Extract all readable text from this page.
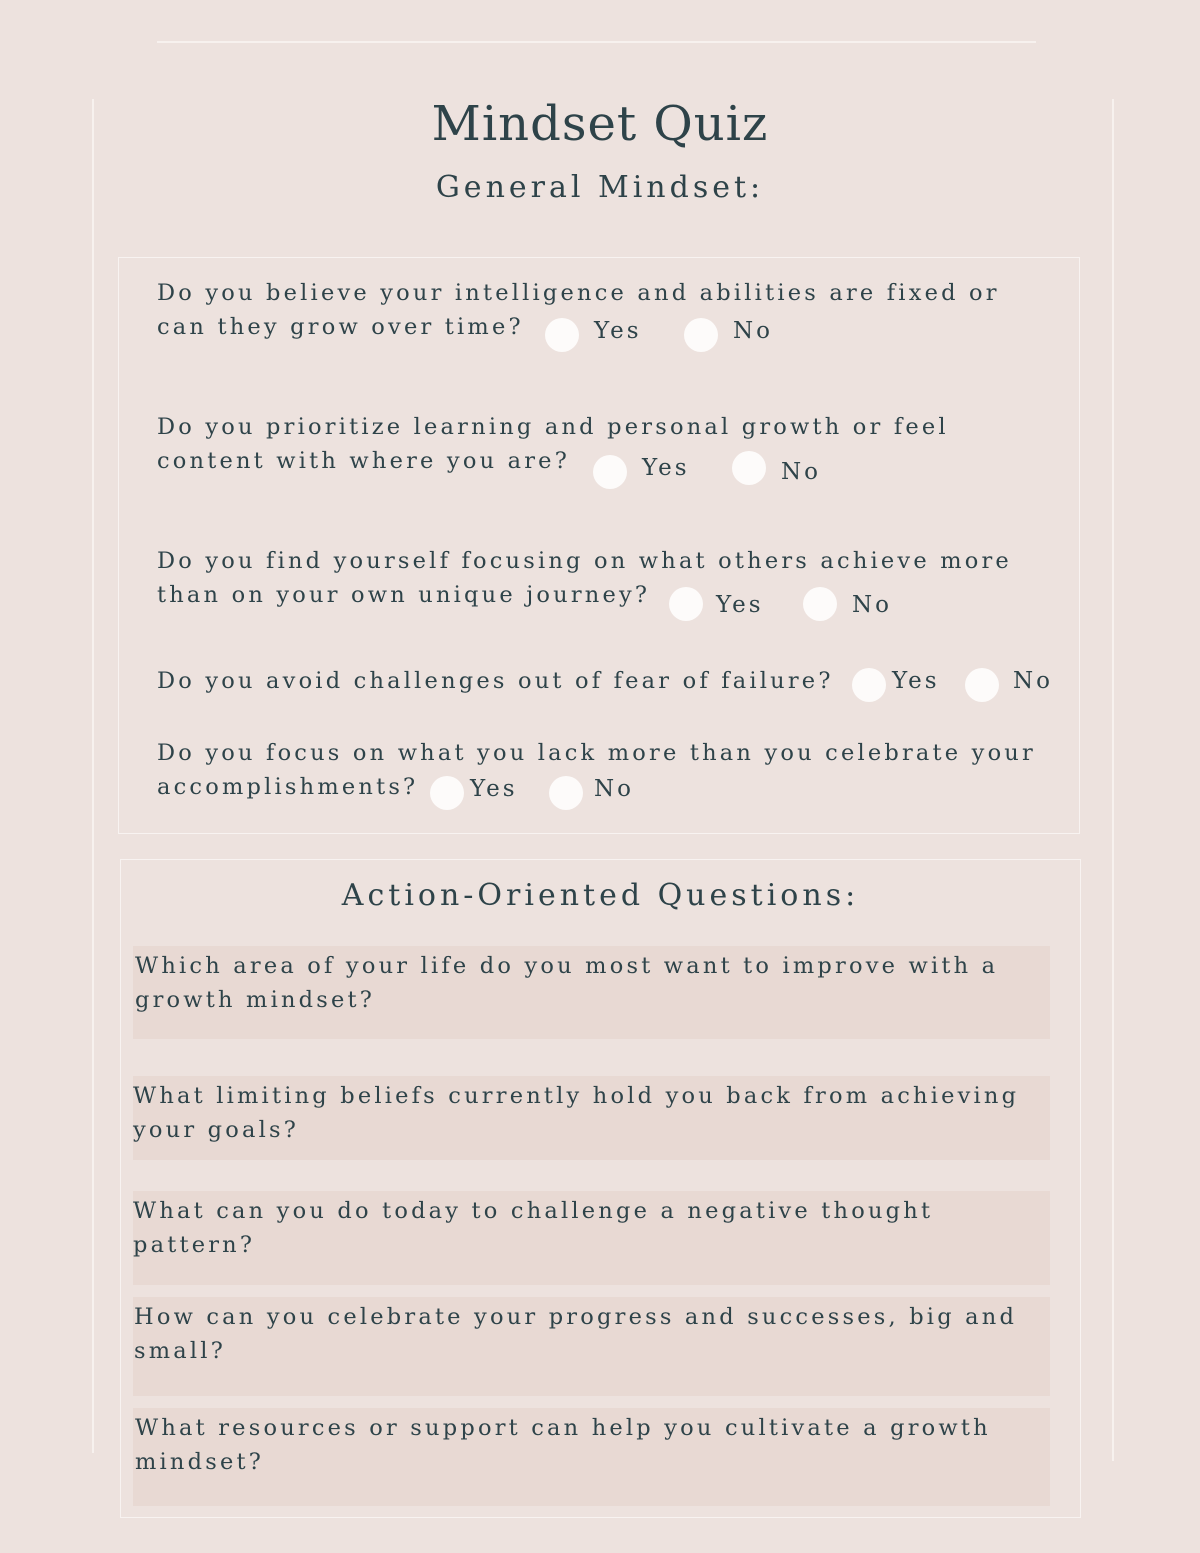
Mindset Quiz
General Mindset:
Do you believe your intelligence and abilities are fixed or
can they grow over time?	Yes	No
Do you prioritize learning and personal growth or feel
content with where you are?	Yes	No
Do you find yourself focusing on what others achieve more
than on your own unique journey?	Yes	No
Do you avoid challenges out of fear of failure?	Yes	No
Do you focus on what you lack more than you celebrate your
accomplishments?	Yes	No
Action-Oriented Questions:
Which area of your life do you most want to improve with a
growth mindset?
What limiting beliefs currently hold you back from achieving
your goals?
What can you do today to challenge a negative thought
pattern?
How can you celebrate your progress and successes, big and
small?
What resources or support can help you cultivate a growth
mindset?
